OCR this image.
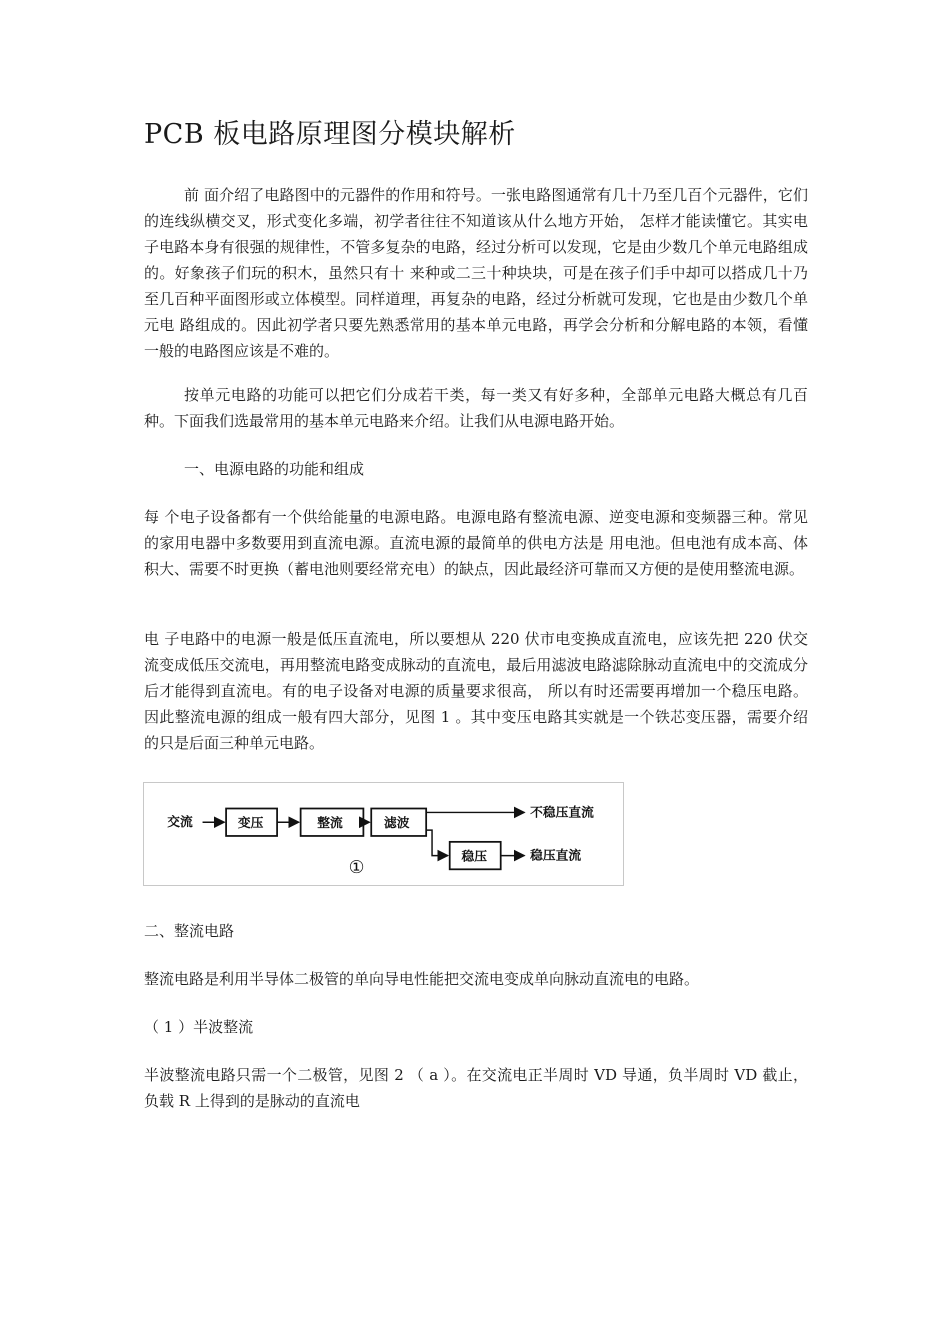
PCB 板电路原理图分模块解析

前 面介绍了电路图中的元器件的作用和符号。一张电路图通常有几十乃至几百个元器件，它们的连线纵横交叉，形式变化多端，初学者往往不知道该从什么地方开始， 怎样才能读懂它。其实电子电路本身有很强的规律性，不管多复杂的电路，经过分析可以发现，它是由少数几个单元电路组成的。好象孩子们玩的积木，虽然只有十 来种或二三十种块块，可是在孩子们手中却可以搭成几十乃至几百种平面图形或立体模型。同样道理，再复杂的电路，经过分析就可发现，它也是由少数几个单元电 路组成的。因此初学者只要先熟悉常用的基本单元电路，再学会分析和分解电路的本领，看懂一般的电路图应该是不难的。

按单元电路的功能可以把它们分成若干类，每一类又有好多种，全部单元电路大概总有几百种。下面我们选最常用的基本单元电路来介绍。让我们从电源电路开始。

一、电源电路的功能和组成

每 个电子设备都有一个供给能量的电源电路。电源电路有整流电源、逆变电源和变频器三种。常见的家用电器中多数要用到直流电源。直流电源的最简单的供电方法是 用电池。但电池有成本高、体积大、需要不时更换（蓄电池则要经常充电）的缺点，因此最经济可靠而又方便的是使用整流电源。

电 子电路中的电源一般是低压直流电，所以要想从 220 伏市电变换成直流电，应该先把 220 伏交流变成低压交流电，再用整流电路变成脉动的直流电，最后用滤波电路滤除脉动直流电中的交流成分后才能得到直流电。有的电子设备对电源的质量要求很高， 所以有时还需要再增加一个稳压电路。因此整流电源的组成一般有四大部分，见图 1 。其中变压电路其实就是一个铁芯变压器，需要介绍的只是后面三种单元电路。

交流	变压	整流	滤波
不稳压直流
稳压	稳压直流
①

二、整流电路

整流电路是利用半导体二极管的单向导电性能把交流电变成单向脉动直流电的电路。

（ 1 ）半波整流

半波整流电路只需一个二极管，见图 2 （ a ）。在交流电正半周时 VD 导通，负半周时 VD 截止，负载 R 上得到的是脉动的直流电
